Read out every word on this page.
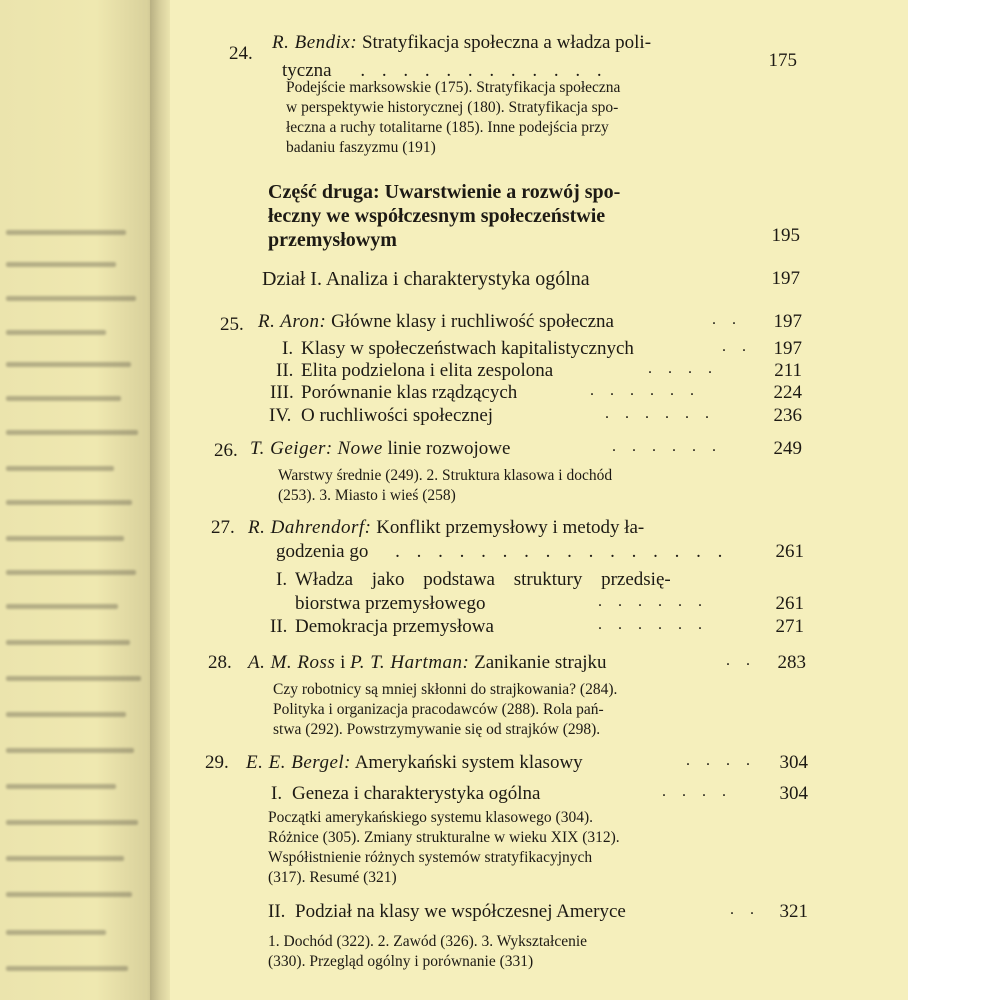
24.
R. Bendix: Stratyfikacja społeczna a władza poli-
tyczna . . . . . . . . . . . .	175
Podejście marksowskie (175). Stratyfikacja społeczna
w perspektywie historycznej (180). Stratyfikacja spo-
łeczna a ruchy totalitarne (185). Inne podejścia przy
badaniu faszyzmu (191)
Część druga: Uwarstwienie a rozwój spo-
łeczny we współczesnym społeczeństwie
przemysłowym	195
Dział I. Analiza i charakterystyka ogólna	197
25. R. Aron: Główne klasy i ruchliwość społeczna	. .	197
I. Klasy w społeczeństwach kapitalistycznych	. .	197
II. Elita podzielona i elita zespolona	. . . .	211
III. Porównanie klas rządzących	. . . . . .	224
IV. O ruchliwości społecznej	. . . . . .	236
26. T. Geiger: Nowe linie rozwojowe	. . . . . .	249
Warstwy średnie (249). 2. Struktura klasowa i dochód
(253). 3. Miasto i wieś (258)
27. R. Dahrendorf: Konflikt przemysłowy i metody ła-
godzenia go . . . . . . . . . . . . . . . .	261
I. Władza jako podstawa struktury przedsię-
biorstwa przemysłowego	. . . . . .	261
II. Demokracja przemysłowa	. . . . . .	271
28. A. M. Ross i P. T. Hartman: Zanikanie strajku	. .	283
Czy robotnicy są mniej skłonni do strajkowania? (284).
Polityka i organizacja pracodawców (288). Rola pań-
stwa (292). Powstrzymywanie się od strajków (298).
29. E. E. Bergel: Amerykański system klasowy	. . . .	304
I. Geneza i charakterystyka ogólna	. . . .	304
Początki amerykańskiego systemu klasowego (304).
Różnice (305). Zmiany strukturalne w wieku XIX (312).
Współistnienie różnych systemów stratyfikacyjnych
(317). Resumé (321)
II. Podział na klasy we współczesnej Ameryce	. .	321
1. Dochód (322). 2. Zawód (326). 3. Wykształcenie
(330). Przegląd ogólny i porównanie (331)
